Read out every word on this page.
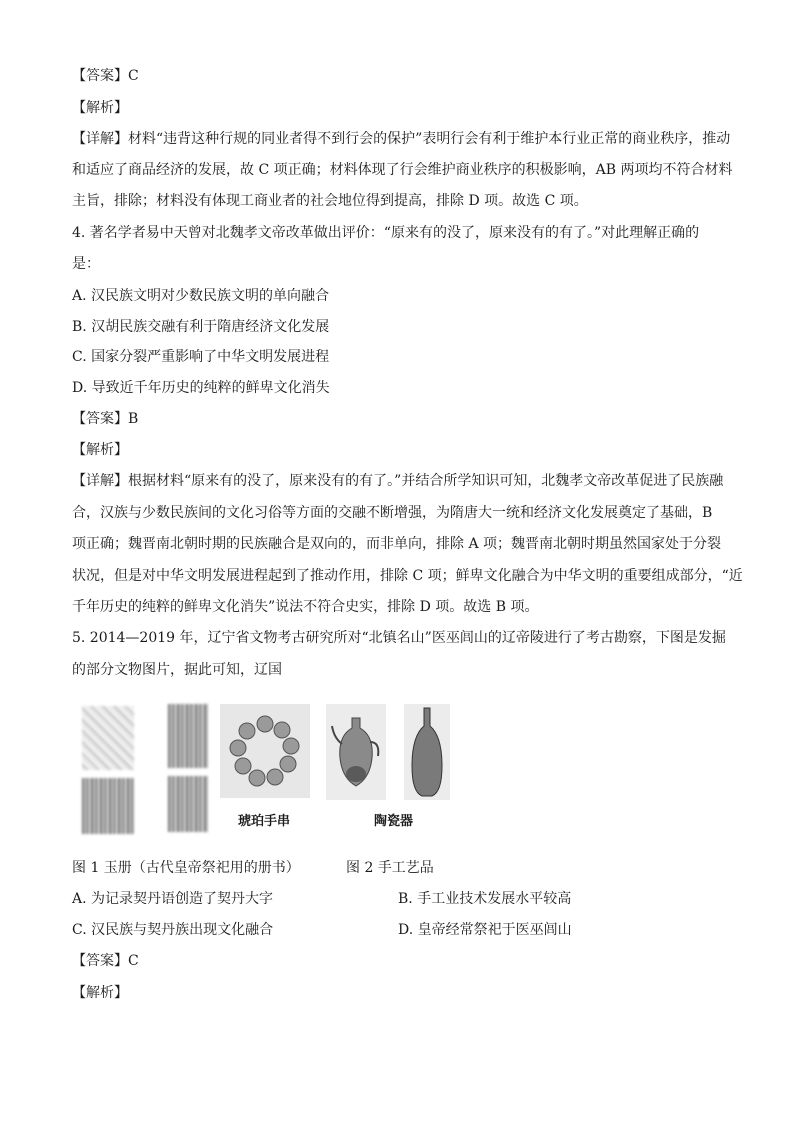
【答案】C
【解析】
【详解】材料“违背这种行规的同业者得不到行会的保护”表明行会有利于维护本行业正常的商业秩序，推动
和适应了商品经济的发展，故 C 项正确；材料体现了行会维护商业秩序的积极影响，AB 两项均不符合材料
主旨，排除；材料没有体现工商业者的社会地位得到提高，排除 D 项。故选 C 项。
4. 著名学者易中天曾对北魏孝文帝改革做出评价：“原来有的没了，原来没有的有了。”对此理解正确的
是：
A. 汉民族文明对少数民族文明的单向融合
B. 汉胡民族交融有利于隋唐经济文化发展
C. 国家分裂严重影响了中华文明发展进程
D. 导致近千年历史的纯粹的鲜卑文化消失
【答案】B
【解析】
【详解】根据材料“原来有的没了，原来没有的有了。”并结合所学知识可知，北魏孝文帝改革促进了民族融
合，汉族与少数民族间的文化习俗等方面的交融不断增强，为隋唐大一统和经济文化发展奠定了基础，B
项正确；魏晋南北朝时期的民族融合是双向的，而非单向，排除 A 项；魏晋南北朝时期虽然国家处于分裂
状况，但是对中华文明发展进程起到了推动作用，排除 C 项；鲜卑文化融合为中华文明的重要组成部分，“近
千年历史的纯粹的鲜卑文化消失”说法不符合史实，排除 D 项。故选 B 项。
5. 2014—2019 年，辽宁省文物考古研究所对“北镇名山”医巫闾山的辽帝陵进行了考古勘察，下图是发掘
的部分文物图片，据此可知，辽国
琥珀手串	陶瓷器
图 1 玉册（古代皇帝祭祀用的册书）	图 2 手工艺品
A. 为记录契丹语创造了契丹大字	B. 手工业技术发展水平较高
C. 汉民族与契丹族出现文化融合	D. 皇帝经常祭祀于医巫闾山
【答案】C
【解析】
